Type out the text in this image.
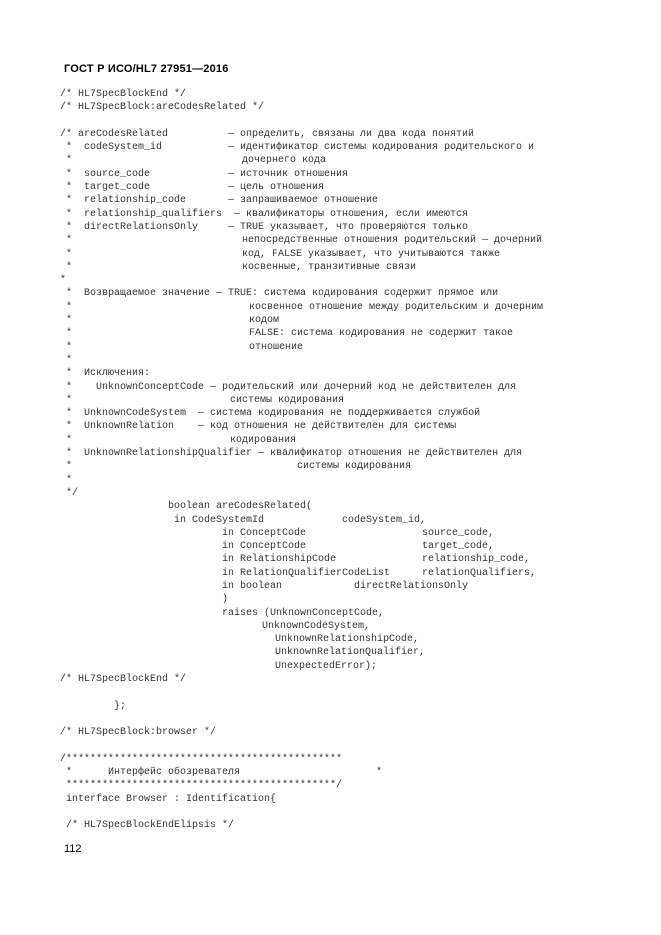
ГОСТ Р ИСО/HL7 27951—2016
/* HL7SpecBlockEnd */
/* HL7SpecBlock:areCodesRelated */
/* areCodesRelated	— определить, связаны ли два кода понятий
*  codeSystem_id	— идентификатор системы кодирования родительского и
*	дочернего кода
*  source_code	— источник отношения
*  target_code	— цель отношения
*  relationship_code	— запрашиваемое отношение
*  relationship_qualifiers — квалификаторы отношения, если имеются
*  directRelationsOnly	— TRUE указывает, что проверяются только
*	непосредственные отношения родительский — дочерний
*	код, FALSE указывает, что учитываются также
*	косвенные, транзитивные связи
*
*  Возвращаемое значение — TRUE: система кодирования содержит прямое или
*	косвенное отношение между родительским и дочерним
*	кодом
*	FALSE: система кодирования не содержит такое
*	отношение
*
*  Исключения:
*    UnknownConceptCode — родительский или дочерний код не действителен для
*	системы кодирования
*  UnknownCodeSystem  — система кодирования не поддерживается службой
*  UnknownRelation    — код отношения не действителен для системы
*	кодирования
*  UnknownRelationshipQualifier — квалификатор отношения не действителен для
*	системы кодирования
*
*/
boolean areCodesRelated(
in CodeSystemId	codeSystem_id,
in ConceptCode	source_code,
in ConceptCode	target_code,
in RelationshipCode	relationship_code,
in RelationQualifierCodeList	relationQualifiers,
in boolean	directRelationsOnly
)
raises (UnknownConceptCode,
UnknownCodeSystem,
UnknownRelationshipCode,
UnknownRelationQualifier,
UnexpectedError);
/* HL7SpecBlockEnd */
};
/* HL7SpecBlock:browser */
/**********************************************
*      Интерфейс обозревателя	*
*********************************************/
interface Browser : Identification{
/* HL7SpecBlockEndElipsis */
112
